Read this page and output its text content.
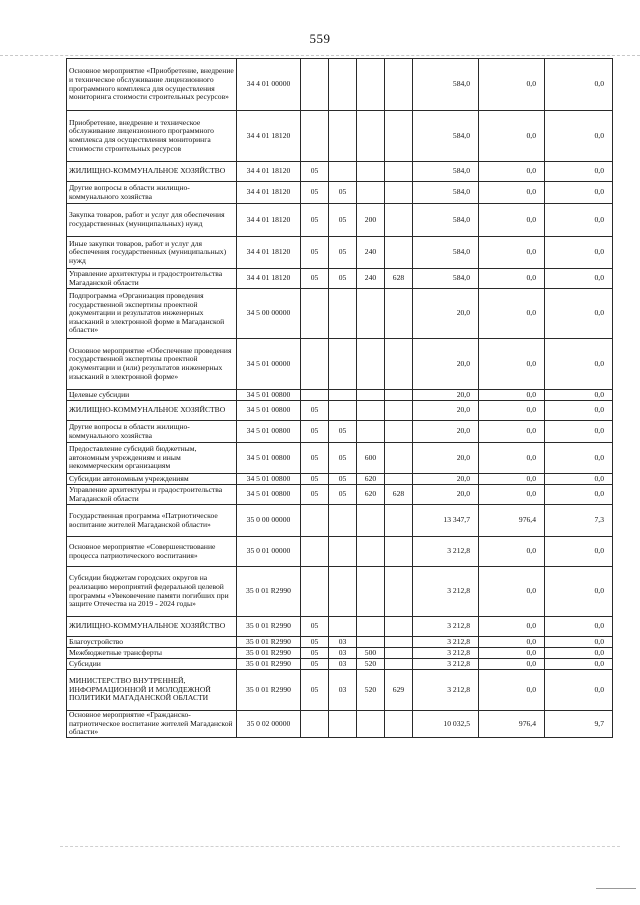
559
Основное мероприятие «Приобретение, внедрение и техническое обслуживание лицензионного программного комплекса для осуществления мониторинга стоимости строительных ресурсов»	34 4 01 00000					584,0	0,0	0,0
Приобретение, внедрение и техническое обслуживание лицензионного программного комплекса для осуществления мониторинга стоимости строительных ресурсов	34 4 01 18120					584,0	0,0	0,0
ЖИЛИЩНО-КОММУНАЛЬНОЕ ХОЗЯЙСТВО	34 4 01 18120	05				584,0	0,0	0,0
Другие вопросы в области жилищно-коммунального хозяйства	34 4 01 18120	05	05			584,0	0,0	0,0
Закупка товаров, работ и услуг для обеспечения государственных (муниципальных) нужд	34 4 01 18120	05	05	200		584,0	0,0	0,0
Иные закупки товаров, работ и услуг для обеспечения государственных (муниципальных) нужд	34 4 01 18120	05	05	240		584,0	0,0	0,0
Управление архитектуры и градостроительства Магаданской области	34 4 01 18120	05	05	240	628	584,0	0,0	0,0
Подпрограмма «Организация проведения государственной экспертизы проектной документации и результатов инженерных изысканий в электронной форме в Магаданской области»	34 5 00 00000					20,0	0,0	0,0
Основное мероприятие «Обеспечение проведения государственной экспертизы проектной документации и (или) результатов инженерных изысканий в электронной форме»	34 5 01 00000					20,0	0,0	0,0
Целевые субсидии	34 5 01 00800					20,0	0,0	0,0
ЖИЛИЩНО-КОММУНАЛЬНОЕ ХОЗЯЙСТВО	34 5 01 00800	05				20,0	0,0	0,0
Другие вопросы в области жилищно-коммунального хозяйства	34 5 01 00800	05	05			20,0	0,0	0,0
Предоставление субсидий бюджетным, автономным учреждениям и иным некоммерческим организациям	34 5 01 00800	05	05	600		20,0	0,0	0,0
Субсидии автономным учреждениям	34 5 01 00800	05	05	620		20,0	0,0	0,0
Управление архитектуры и градостроительства Магаданской области	34 5 01 00800	05	05	620	628	20,0	0,0	0,0
Государственная программа «Патриотическое воспитание жителей Магаданской области»	35 0 00 00000					13 347,7	976,4	7,3
Основное мероприятие «Совершенствование процесса патриотического воспитания»	35 0 01 00000					3 212,8	0,0	0,0
Субсидии бюджетам городских округов на реализацию мероприятий федеральной целевой программы «Увековечение памяти погибших при защите Отечества на 2019 - 2024 годы»	35 0 01 R2990					3 212,8	0,0	0,0
ЖИЛИЩНО-КОММУНАЛЬНОЕ ХОЗЯЙСТВО	35 0 01 R2990	05				3 212,8	0,0	0,0
Благоустройство	35 0 01 R2990	05	03			3 212,8	0,0	0,0
Межбюджетные трансферты	35 0 01 R2990	05	03	500		3 212,8	0,0	0,0
Субсидии	35 0 01 R2990	05	03	520		3 212,8	0,0	0,0
МИНИСТЕРСТВО ВНУТРЕННЕЙ, ИНФОРМАЦИОННОЙ И МОЛОДЕЖНОЙ ПОЛИТИКИ МАГАДАНСКОЙ ОБЛАСТИ	35 0 01 R2990	05	03	520	629	3 212,8	0,0	0,0
Основное мероприятие «Гражданско-патриотическое воспитание жителей Магаданской области»	35 0 02 00000					10 032,5	976,4	9,7
